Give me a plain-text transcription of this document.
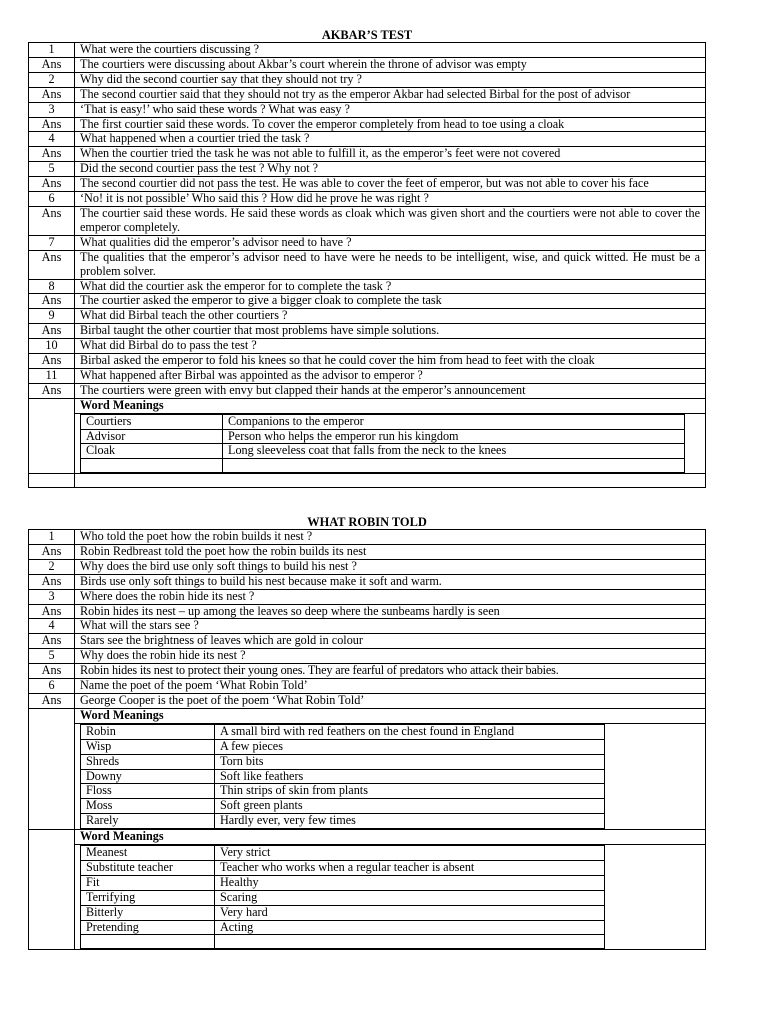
AKBAR’S TEST
1	What were the courtiers discussing ?
Ans	The courtiers were discussing about Akbar’s court wherein the throne of advisor was empty
2	Why did the second courtier say that they should not try ?
Ans	The second courtier said that they should not try as the emperor Akbar had selected Birbal for the post of advisor
3	‘That is easy!’ who said these words ? What was easy ?
Ans	The first courtier said these words. To cover the emperor completely from head to toe using a cloak
4	What happened when a courtier tried the task ?
Ans	When the courtier tried the task he was not able to fulfill it, as the emperor’s feet were not covered
5	Did the second courtier pass the test ? Why not ?
Ans	The second courtier did not pass the test. He was able to cover the feet of emperor, but was not able to cover his face
6	‘No! it is not possible’ Who said this ? How did he prove he was right ?
Ans	The courtier said these words. He said these words as cloak which was given short and the courtiers were not able to cover the emperor completely.
7	What qualities did the emperor’s advisor need to have ?
Ans	The qualities that the emperor’s advisor need to have were he needs to be intelligent, wise, and quick witted. He must be a problem solver.
8	What did the courtier ask the emperor for to complete the task ?
Ans	The courtier asked the emperor to give a bigger cloak to complete the task
9	What did Birbal teach the other courtiers ?
Ans	Birbal taught the other courtier that most problems have simple solutions.
10	What did Birbal do to pass the test ?
Ans	Birbal asked the emperor to fold his knees so that he could cover the him from head to feet with the cloak
11	What happened after Birbal was appointed as the advisor to emperor ?
Ans	The courtiers were green with envy but clapped their hands at the emperor’s announcement
	Word Meanings

Courtiers	Companions to the emperor	
Advisor	Person who helps the emperor run his kingdom	
Cloak	Long sleeveless coat that falls from the neck to the knees	

WHAT ROBIN TOLD
1	Who told the poet how the robin builds it nest ?
Ans	Robin Redbreast told the poet how the robin builds its nest
2	Why does the bird use only soft things to build his nest ?
Ans	Birds use only soft things to build his nest because make it soft and warm.
3	Where does the robin hide its nest ?
Ans	Robin hides its nest – up among the leaves so deep where the sunbeams hardly is seen
4	What will the stars see ?
Ans	Stars see the brightness of leaves which are gold in colour
5	Why does the robin hide its nest ?
Ans	Robin hides its nest to protect their young ones. They are fearful of predators who attack their babies.
6	Name the poet of the poem ‘What Robin Told’
Ans	George Cooper is the poet of the poem ‘What Robin Told’
	Word Meanings

Robin	A small bird with red feathers on the chest found in England
Wisp	A few pieces
Shreds	Torn bits
Downy	Soft like feathers
Floss	Thin strips of skin from plants
Moss	Soft green plants
Rarely	Hardly ever, very few times

	Word Meanings

Meanest	Very strict
Substitute teacher	Teacher who works when a regular teacher is absent
Fit	Healthy
Terrifying	Scaring
Bitterly	Very hard
Pretending	Acting
